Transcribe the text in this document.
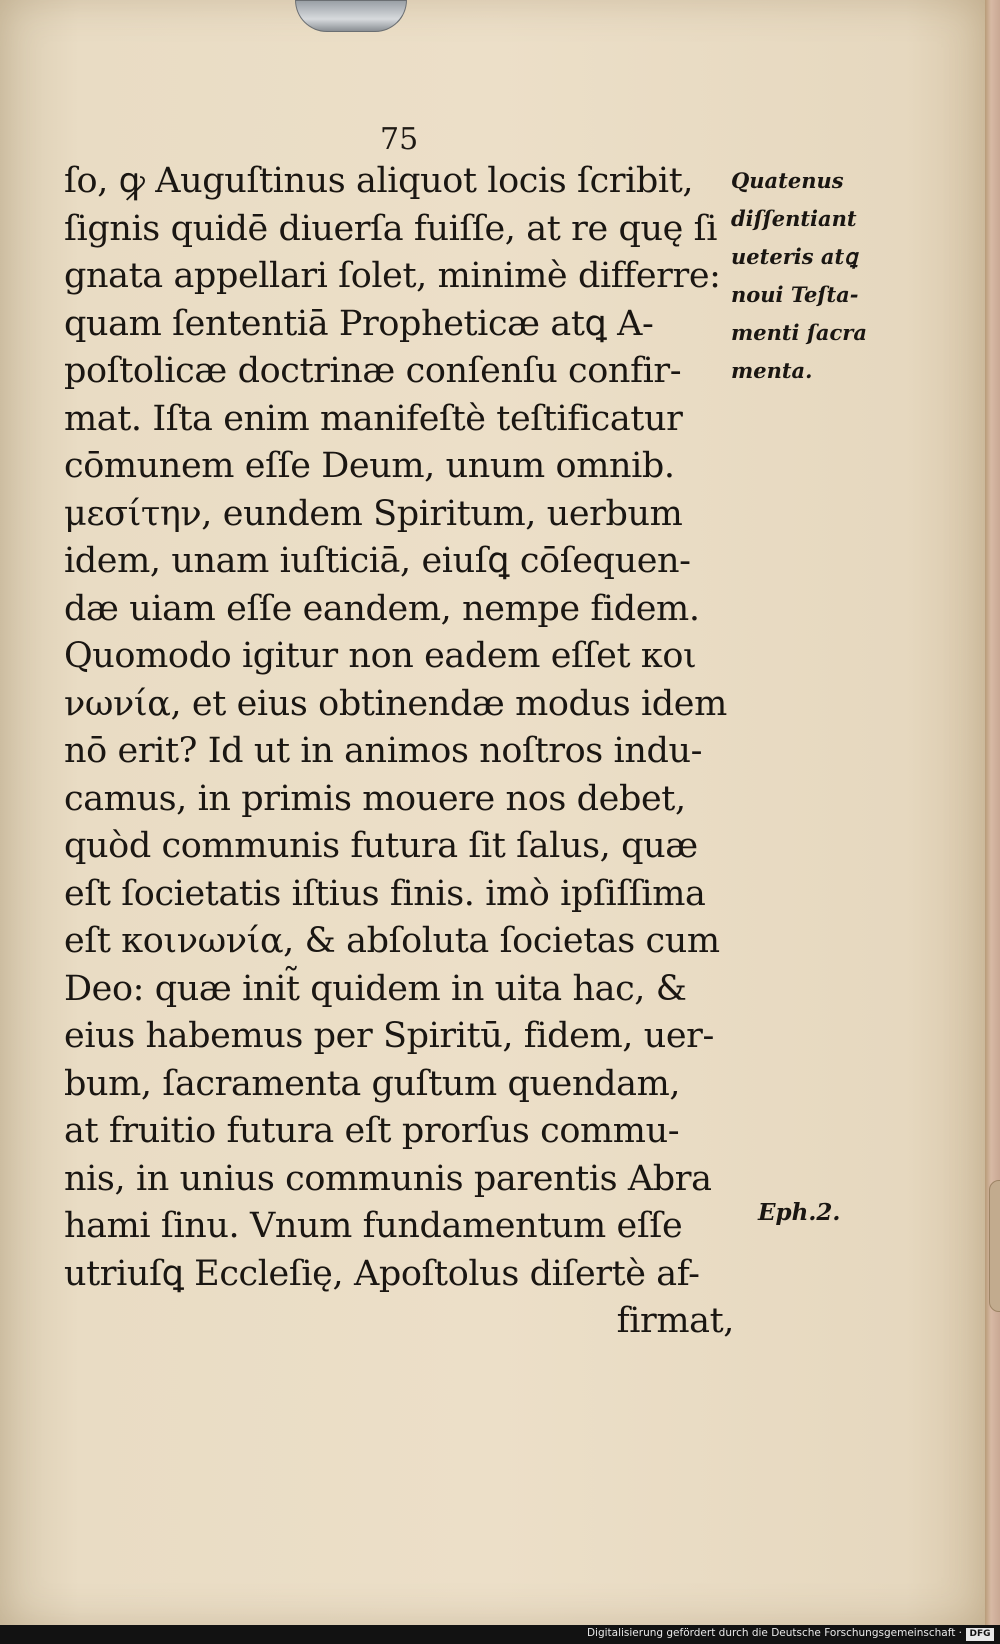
75
ſo, ꝙ Auguſtinus aliquot locis ſcribit,
ſignis quidē diuerſa fuiſſe, at re quę ſi
gnata appellari ſolet, minimè differre:
quam ſententiā Propheticæ atꝗ A-
poſtolicæ doctrinæ conſenſu confir-
mat. Iſta enim manifeſtè teſtificatur
cōmunem eſſe Deum, unum omnib.
μεσίτην, eundem Spiritum, uerbum
idem, unam iuſticiā, eiuſꝗ cōſequen-
dæ uiam eſſe eandem, nempe fidem.
Quomodo igitur non eadem eſſet κοι
νωνία, et eius obtinendæ modus idem
nō erit? Id ut in animos noſtros indu-
camus, in primis mouere nos debet,
quòd communis futura ſit ſalus, quæ
eſt ſocietatis iſtius finis. imò ipſiſſima
eſt κοινωνία, & abſoluta ſocietas cum
Deo: quæ init̃ quidem in uita hac, &
eius habemus per Spiritū, fidem, uer-
bum, ſacramenta guſtum quendam,
at fruitio futura eſt prorſus commu-
nis, in unius communis parentis Abra
hami ſinu. Vnum fundamentum eſſe
utriuſꝗ Eccleſię, Apoſtolus diſertè af-
firmat,
Quatenus
diſſentiant
ueteris atꝗ
noui Teſta-
menti ſacra
menta.
Eph.2.
Digitalisierung gefördert durch die Deutsche Forschungsgemeinschaft · DFG
